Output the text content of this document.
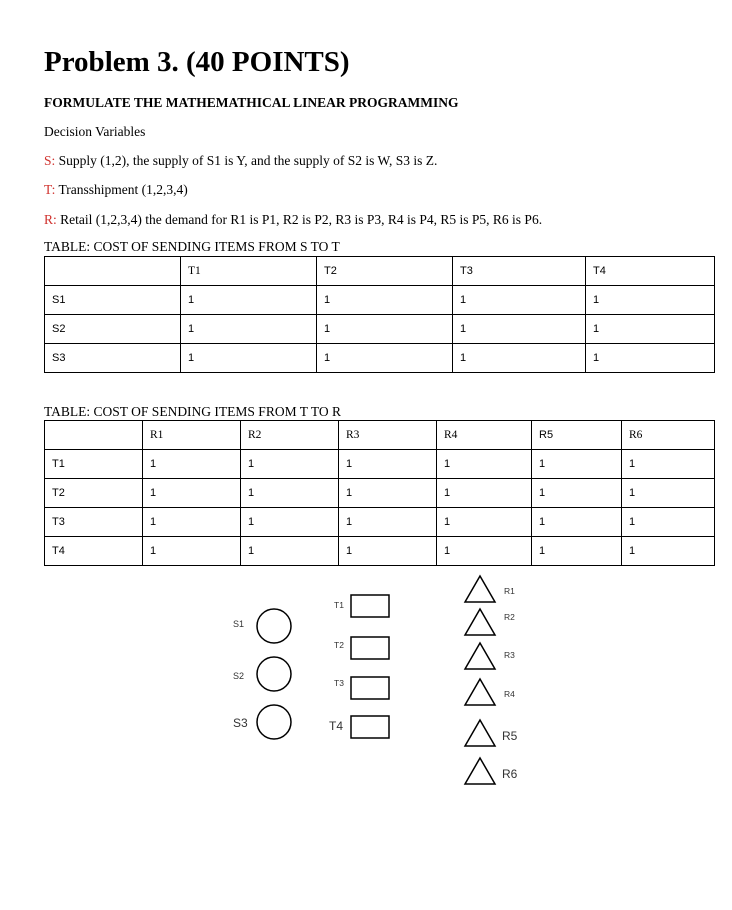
Problem 3. (40 POINTS)
FORMULATE THE MATHEMATHICAL LINEAR PROGRAMMING
Decision Variables
S: Supply (1,2), the supply of S1 is Y, and the supply of S2 is W, S3 is Z.
T: Transshipment (1,2,3,4)
R: Retail (1,2,3,4) the demand for R1 is P1, R2 is P2, R3 is P3, R4 is P4, R5 is P5, R6 is P6.
TABLE: COST OF SENDING ITEMS FROM S TO T
	T1	T2	T3	T4
S1	1	1	1	1
S2	1	1	1	1
S3	1	1	1	1
TABLE: COST OF SENDING ITEMS FROM T TO R
	R1	R2	R3	R4	R5	R6
T1	1	1	1	1	1	1
T2	1	1	1	1	1	1
T3	1	1	1	1	1	1
T4	1	1	1	1	1	1
S1
S2
S3
T1
T2
T3
T4
R1
R2
R3
R4
R5
R6
